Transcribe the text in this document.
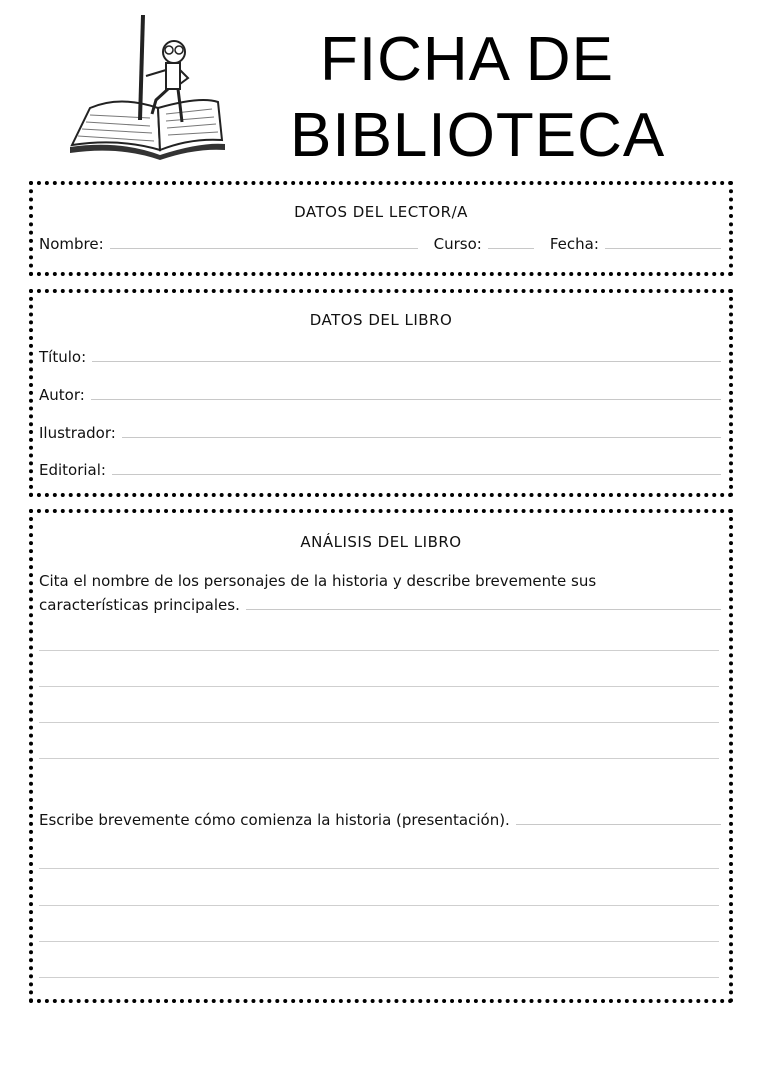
FICHA DE
BIBLIOTECA
DATOS DEL LECTOR/A
Nombre:	Curso:	Fecha:
DATOS DEL LIBRO
Título:
Autor:
Ilustrador:
Editorial:
ANÁLISIS DEL LIBRO
Cita el nombre de los personajes de la historia y describe brevemente sus
características principales.
Escribe brevemente cómo comienza la historia (presentación).
